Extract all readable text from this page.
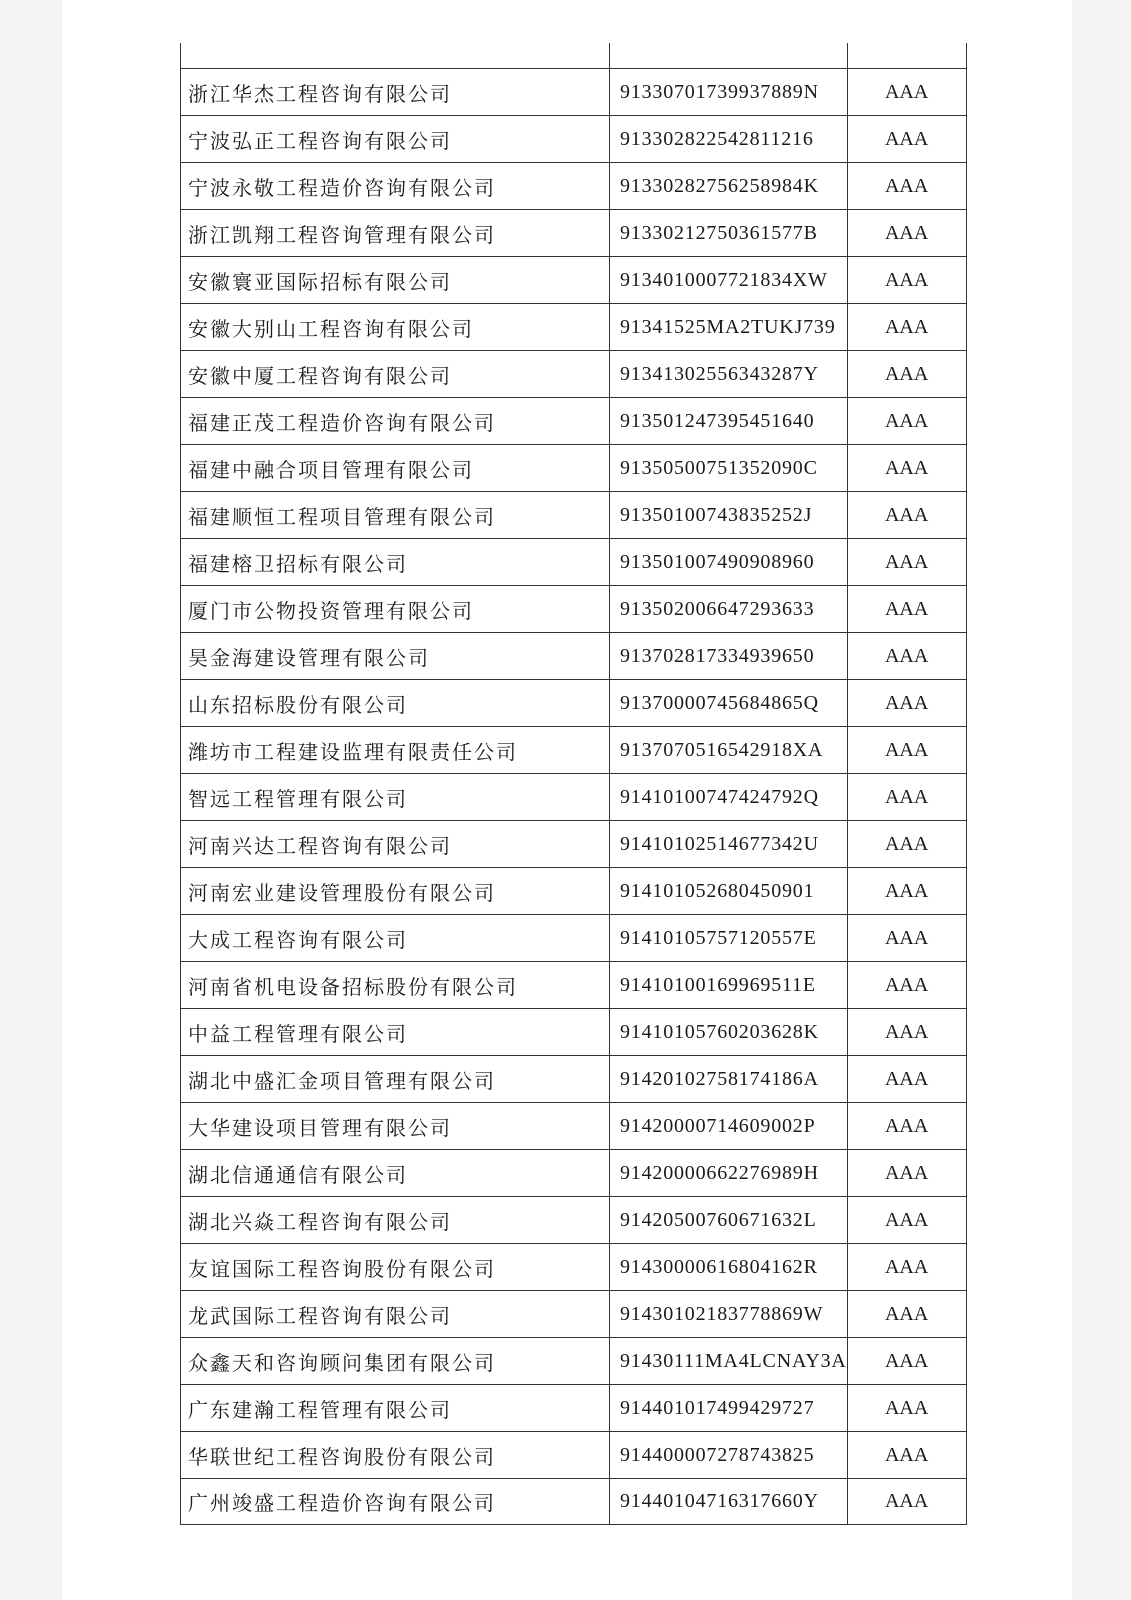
浙江华杰工程咨询有限公司	91330701739937889N	AAA
宁波弘正工程咨询有限公司	913302822542811216	AAA
宁波永敬工程造价咨询有限公司	91330282756258984K	AAA
浙江凯翔工程咨询管理有限公司	91330212750361577B	AAA
安徽寰亚国际招标有限公司	9134010007721834XW	AAA
安徽大别山工程咨询有限公司	91341525MA2TUKJ739	AAA
安徽中厦工程咨询有限公司	91341302556343287Y	AAA
福建正茂工程造价咨询有限公司	913501247395451640	AAA
福建中融合项目管理有限公司	91350500751352090C	AAA
福建顺恒工程项目管理有限公司	91350100743835252J	AAA
福建榕卫招标有限公司	913501007490908960	AAA
厦门市公物投资管理有限公司	913502006647293633	AAA
昊金海建设管理有限公司	913702817334939650	AAA
山东招标股份有限公司	91370000745684865Q	AAA
潍坊市工程建设监理有限责任公司	9137070516542918XA	AAA
智远工程管理有限公司	91410100747424792Q	AAA
河南兴达工程咨询有限公司	91410102514677342U	AAA
河南宏业建设管理股份有限公司	914101052680450901	AAA
大成工程咨询有限公司	91410105757120557E	AAA
河南省机电设备招标股份有限公司	91410100169969511E	AAA
中益工程管理有限公司	91410105760203628K	AAA
湖北中盛汇金项目管理有限公司	91420102758174186A	AAA
大华建设项目管理有限公司	91420000714609002P	AAA
湖北信通通信有限公司	91420000662276989H	AAA
湖北兴焱工程咨询有限公司	91420500760671632L	AAA
友谊国际工程咨询股份有限公司	91430000616804162R	AAA
龙武国际工程咨询有限公司	91430102183778869W	AAA
众鑫天和咨询顾问集团有限公司	91430111MA4LCNAY3A	AAA
广东建瀚工程管理有限公司	914401017499429727	AAA
华联世纪工程咨询股份有限公司	914400007278743825	AAA
广州竣盛工程造价咨询有限公司	91440104716317660Y	AAA
